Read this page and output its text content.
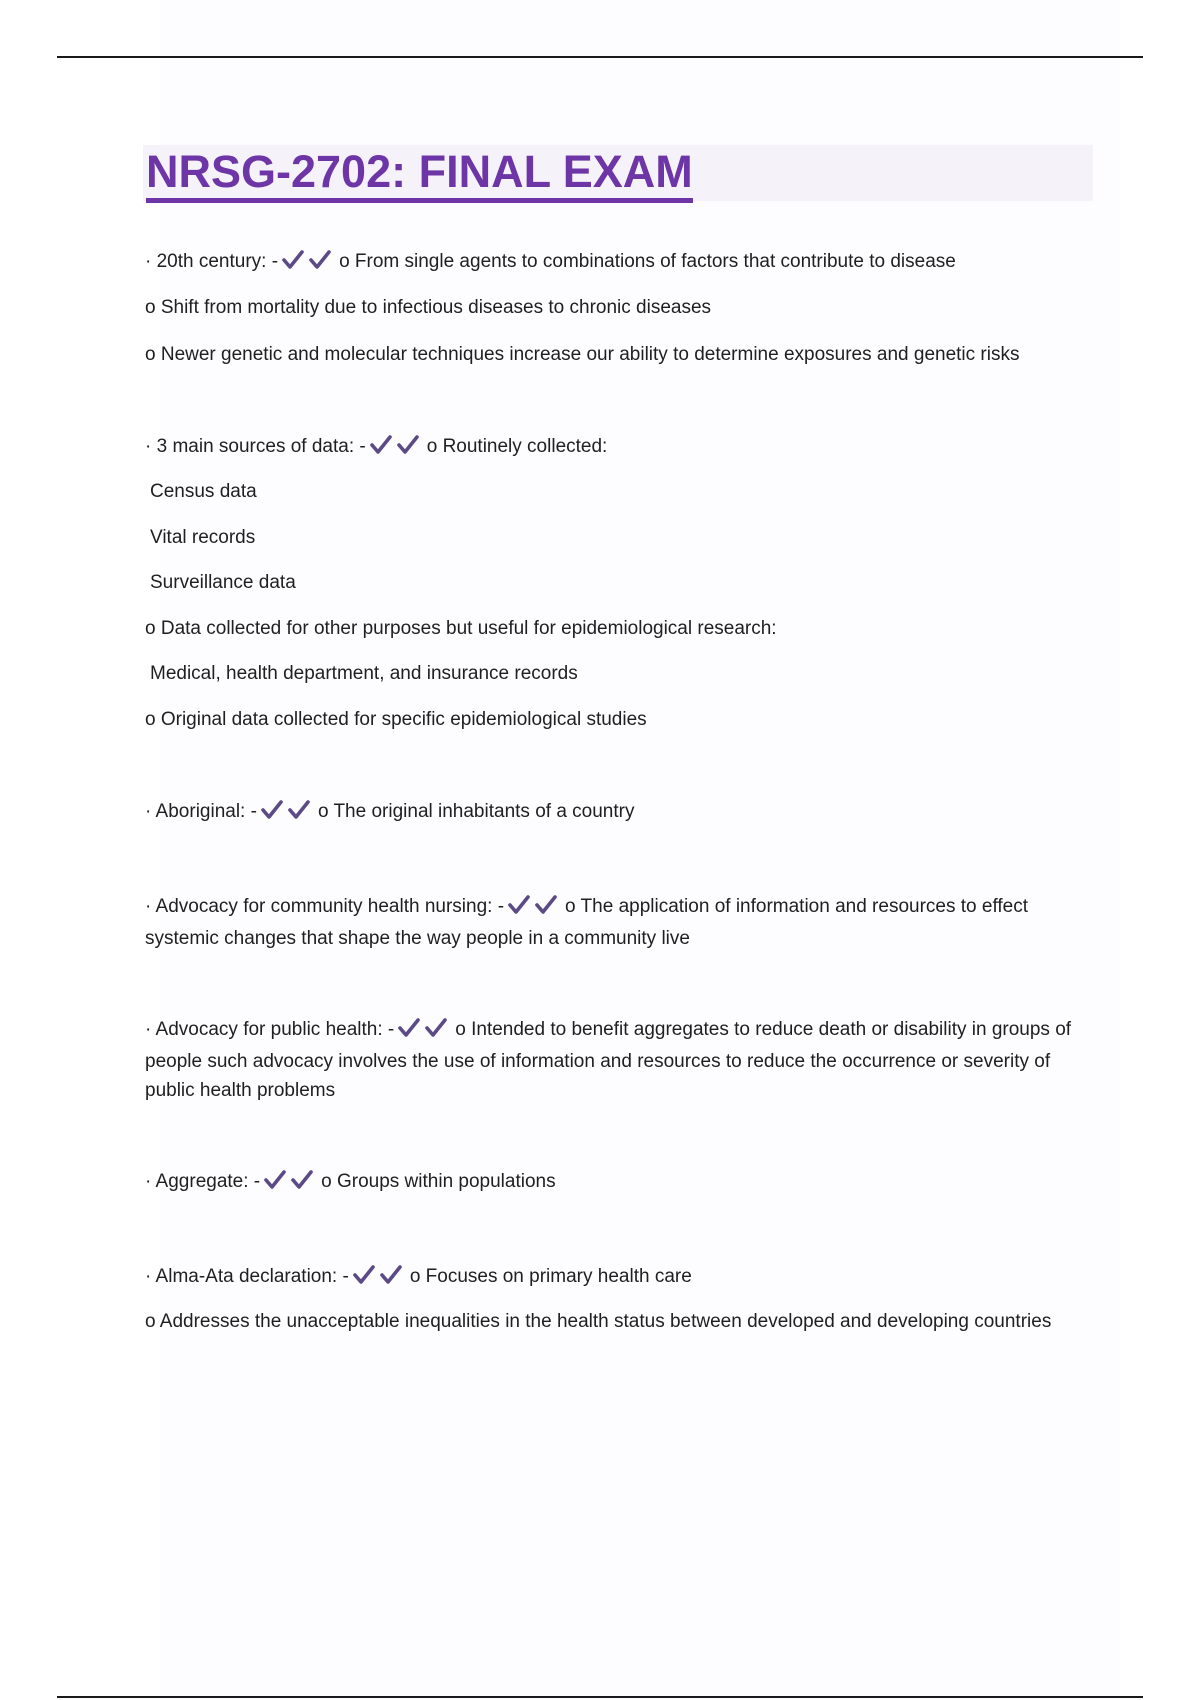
NRSG-2702: FINAL EXAM
· 20th century: -	o From single agents to combinations of factors that contribute to disease
o Shift from mortality due to infectious diseases to chronic diseases
o Newer genetic and molecular techniques increase our ability to determine exposures and genetic risks
· 3 main sources of data: -	o Routinely collected:
Census data
Vital records
Surveillance data
o Data collected for other purposes but useful for epidemiological research:
Medical, health department, and insurance records
o Original data collected for specific epidemiological studies
· Aboriginal: -	o The original inhabitants of a country
· Advocacy for community health nursing: -	o The application of information and resources to effect systemic changes that shape the way people in a community live
· Advocacy for public health: -	o Intended to benefit aggregates to reduce death or disability in groups of people such advocacy involves the use of information and resources to reduce the occurrence or severity of public health problems
· Aggregate: -	o Groups within populations
· Alma-Ata declaration: -	o Focuses on primary health care
o Addresses the unacceptable inequalities in the health status between developed and developing countries
